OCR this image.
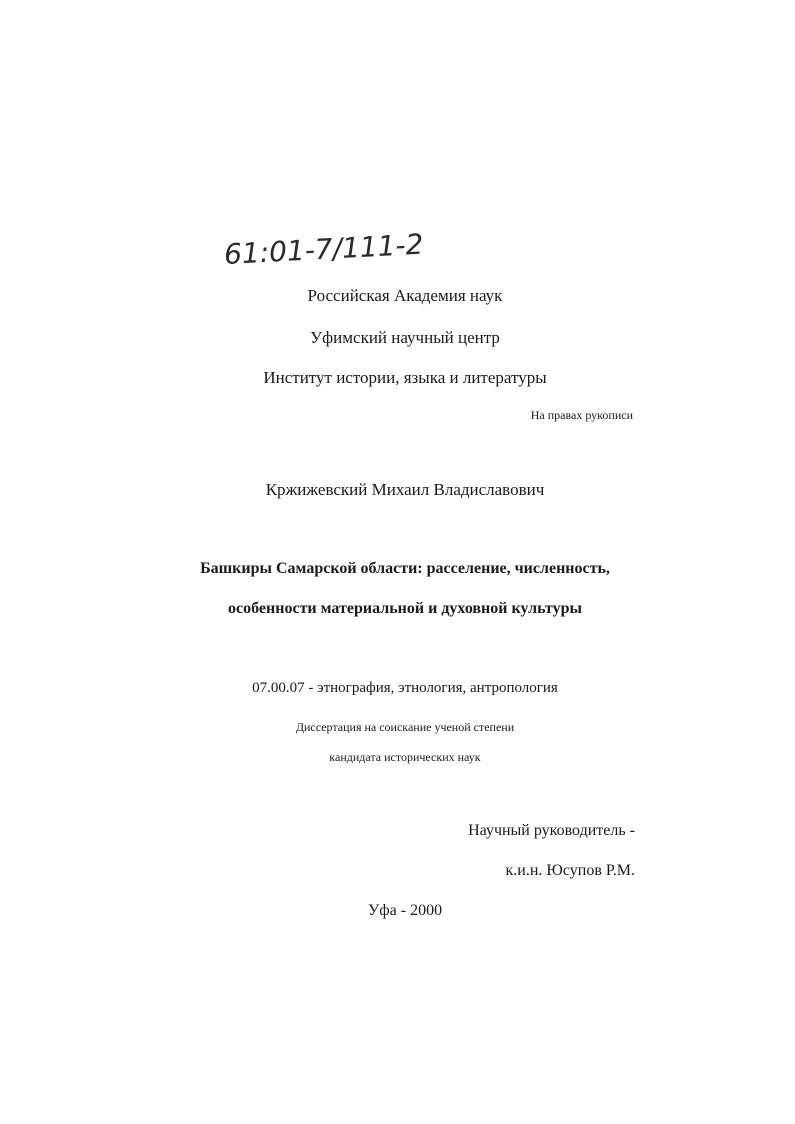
61:01-7/111-2
Российская Академия наук
Уфимский научный центр
Институт истории, языка и литературы
На правах рукописи
Кржижевский Михаил Владиславович
Башкиры Самарской области: расселение, численность,
особенности материальной и духовной культуры
07.00.07 - этнография, этнология, антропология
Диссертация на соискание ученой степени
кандидата исторических наук
Научный руководитель -
к.и.н. Юсупов Р.М.
Уфа - 2000
